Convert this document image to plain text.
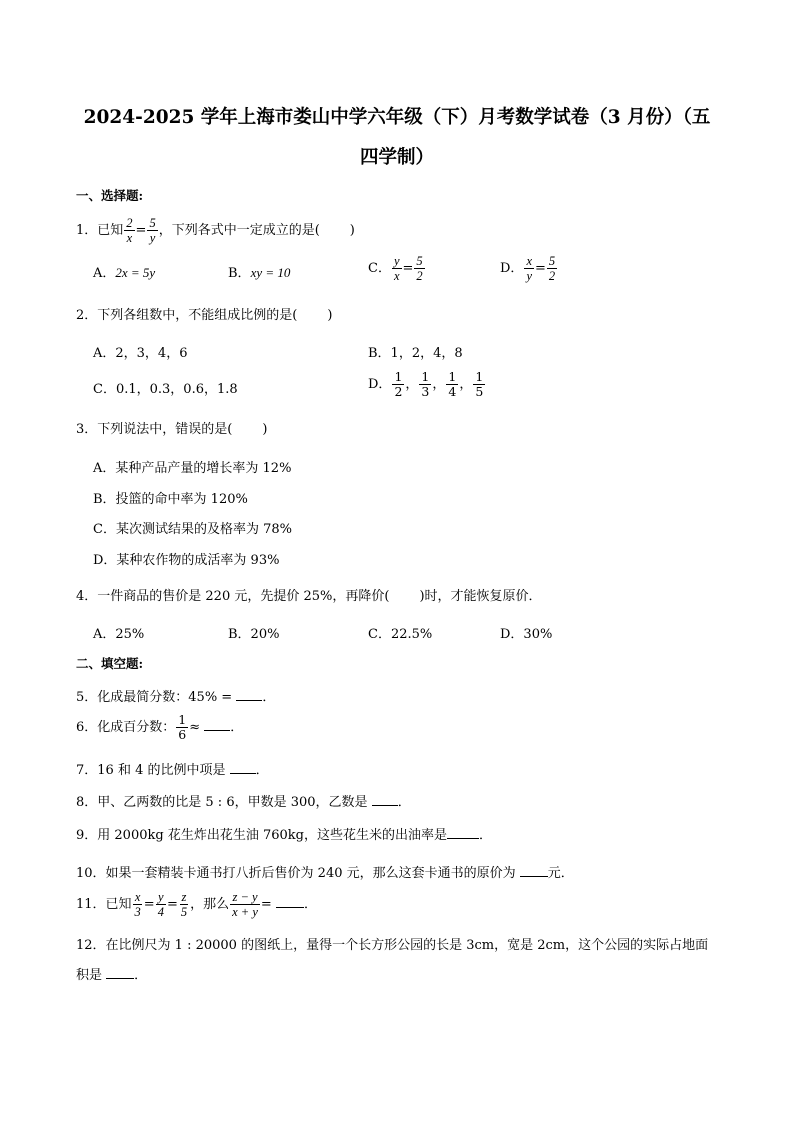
2024-2025 学年上海市娄山中学六年级（下）月考数学试卷（3 月份）（五
四学制）
一、选择题:
1．已知 $\frac{2}{x} = \frac{5}{y}$ ，下列各式中一定成立的是( )
A．2x = 5y	B．xy = 10	C． $\frac{y}{x} = \frac{5}{2}$	D． $\frac{x}{y} = \frac{5}{2}$
2．下列各组数中，不能组成比例的是( )
A．2，3，4，6	B．1，2，4，8
C．0.1，0.3，0.6，1.8	D． $\frac{1}{2}$ ， $\frac{1}{3}$ ， $\frac{1}{4}$ ， $\frac{1}{5}$
3．下列说法中，错误的是( )
A．某种产品产量的增长率为 12%
B．投篮的命中率为 120%
C．某次测试结果的及格率为 78%
D．某种农作物的成活率为 93%
4．一件商品的售价是 220 元，先提价 25%，再降价( )时，才能恢复原价．
A．25%	B．20%	C．22.5%	D．30%
二、填空题:
5．化成最简分数：45% = ．
6．化成百分数： $\frac{1}{6}$ ≈ ．
7．16 和 4 的比例中项是 ．
8．甲、乙两数的比是 5 : 6，甲数是 300，乙数是 ．
9．用 2000kg 花生炸出花生油 760kg，这些花生米的出油率是 ．
10．如果一套精装卡通书打八折后售价为 240 元，那么这套卡通书的原价为 元．
11．已知 $\frac{x}{3} = \frac{y}{4} = \frac{z}{5}$ ，那么 $\frac{z - y}{x + y}$ = ．
12．在比例尺为 1 : 20000 的图纸上，量得一个长方形公园的长是 3cm，宽是 2cm，这个公园的实际占地面
积是 ．
